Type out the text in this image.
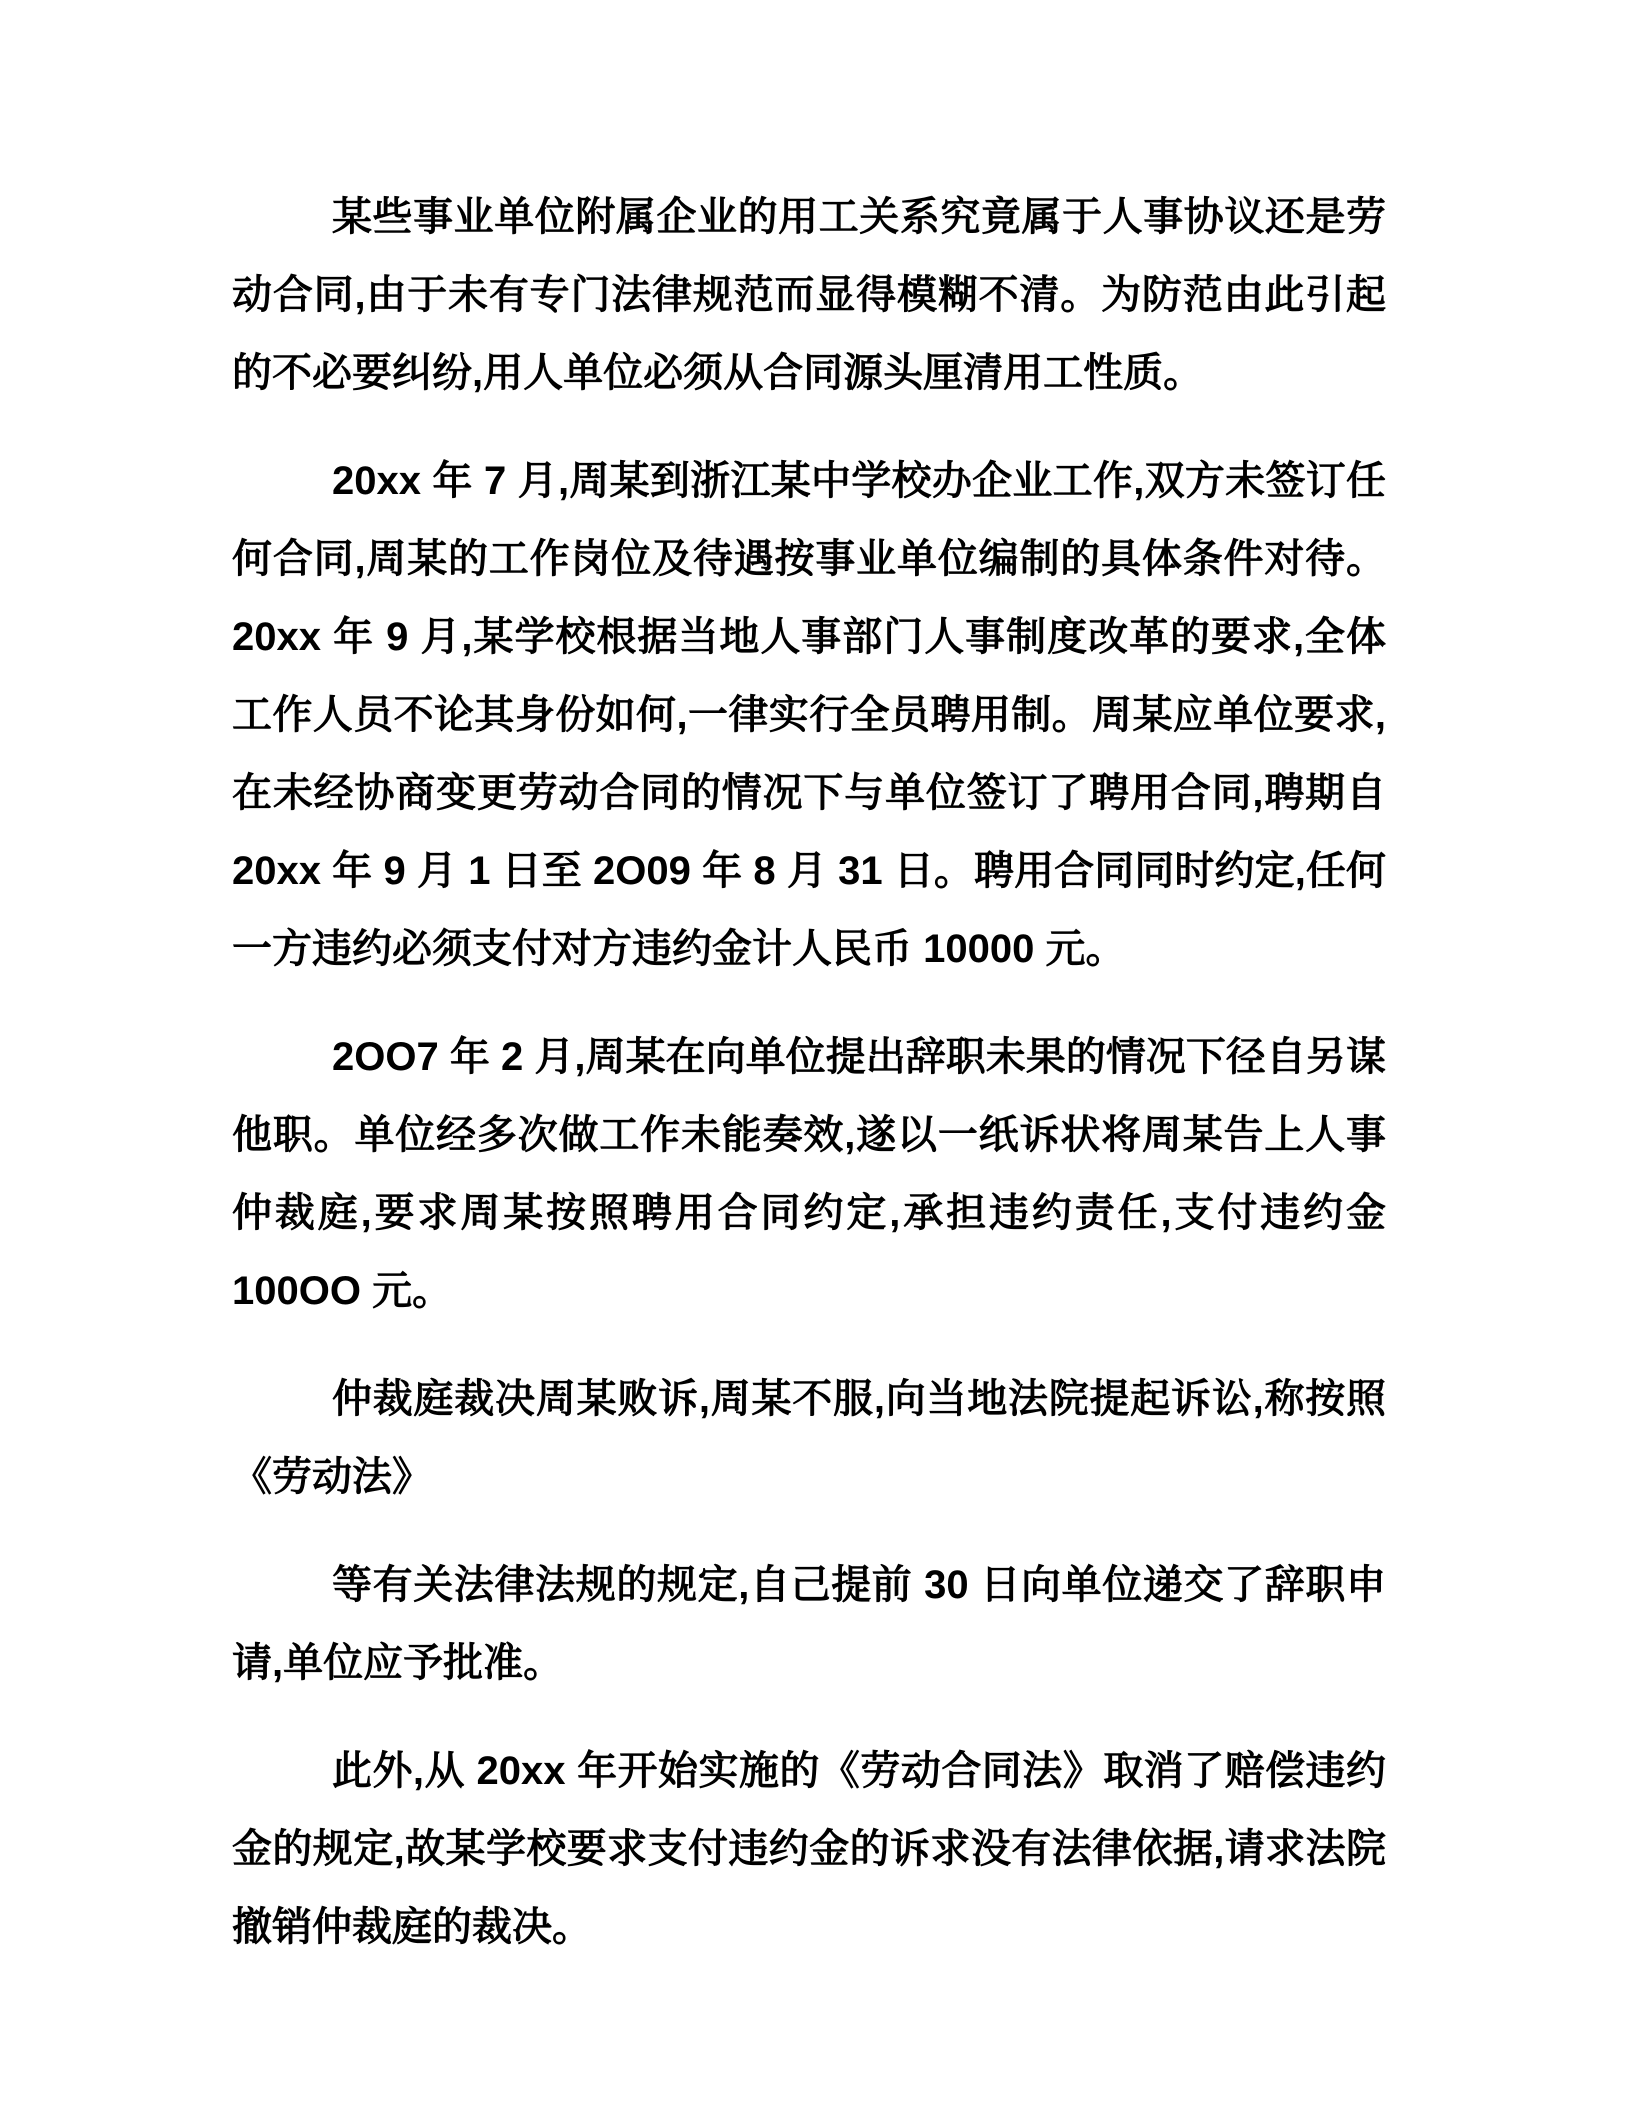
某些事业单位附属企业的用工关系究竟属于人事协议还是劳动合同,由于未有专门法律规范而显得模糊不清。为防范由此引起的不必要纠纷,用人单位必须从合同源头厘清用工性质。

20xx 年 7 月,周某到浙江某中学校办企业工作,双方未签订任何合同,周某的工作岗位及待遇按事业单位编制的具体条件对待。20xx 年 9 月,某学校根据当地人事部门人事制度改革的要求,全体工作人员不论其身份如何,一律实行全员聘用制。周某应单位要求,在未经协商变更劳动合同的情况下与单位签订了聘用合同,聘期自 20xx 年 9 月 1 日至 2O09 年 8 月 31 日。聘用合同同时约定,任何一方违约必须支付对方违约金计人民币 10000 元。

2OO7 年 2 月,周某在向单位提出辞职未果的情况下径自另谋他职。单位经多次做工作未能奏效,遂以一纸诉状将周某告上人事仲裁庭,要求周某按照聘用合同约定,承担违约责任,支付违约金 100OO 元。

仲裁庭裁决周某败诉,周某不服,向当地法院提起诉讼,称按照《劳动法》

等有关法律法规的规定,自己提前 30 日向单位递交了辞职申请,单位应予批准。

此外,从 20xx 年开始实施的《劳动合同法》取消了赔偿违约金的规定,故某学校要求支付违约金的诉求没有法律依据,请求法院撤销仲裁庭的裁决。
